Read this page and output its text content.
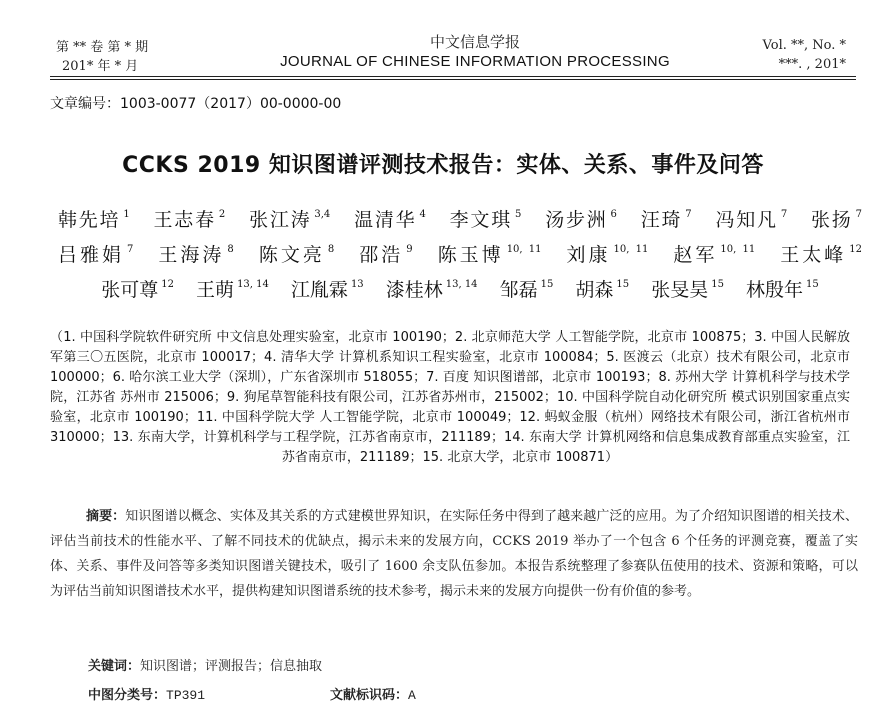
第 ** 卷 第 * 期
201* 年 * 月
中文信息学报
JOURNAL OF CHINESE INFORMATION PROCESSING
Vol. **, No. *
***. , 201*
文章编号：1003-0077（2017）00-0000-00
CCKS 2019 知识图谱评测技术报告：实体、关系、事件及问答
韩先培 $^1$ 王志春 $^2$ 张江涛 $^{3,4}$ 温清华 $^4$ 李文琪 $^5$ 汤步洲 $^6$ 汪琦 $^7$ 冯知凡 $^7$ 张扬 $^7$ 吕雅娟 $^7$ 王海涛 $^8$ 陈文亮 $^8$ 邵浩 $^9$ 陈玉博 $^{10, 11}$ 刘康 $^{10, 11}$ 赵军 $^{10, 11}$ 王太峰 $^{12}$ 张可尊 $^{12}$ 王萌 $^{13, 14}$ 江胤霖 $^{13}$ 漆桂林 $^{13, 14}$ 邹磊 $^{15}$ 胡森 $^{15}$ 张旻昊 $^{15}$ 林殷年 $^{15}$
（1. 中国科学院软件研究所 中文信息处理实验室，北京市 100190；2. 北京师范大学 人工智能学院，北京市 100875；3. 中国人民解放军第三〇五医院，北京市 100017；4. 清华大学 计算机系知识工程实验室，北京市 100084；5. 医渡云（北京）技术有限公司，北京市 100000；6. 哈尔滨工业大学（深圳），广东省深圳市 518055；7. 百度 知识图谱部，北京市 100193；8. 苏州大学 计算机科学与技术学院，江苏省 苏州市 215006；9. 狗尾草智能科技有限公司，江苏省苏州市，215002；10. 中国科学院自动化研究所 模式识别国家重点实验室，北京市 100190；11. 中国科学院大学 人工智能学院，北京市 100049；12. 蚂蚁金服（杭州）网络技术有限公司，浙江省杭州市 310000；13. 东南大学，计算机科学与工程学院，江苏省南京市，211189；14. 东南大学 计算机网络和信息集成教育部重点实验室，江苏省南京市，211189；15. 北京大学，北京市 100871）
摘要：知识图谱以概念、实体及其关系的方式建模世界知识，在实际任务中得到了越来越广泛的应用。为了介绍知识图谱的相关技术、评估当前技术的性能水平、了解不同技术的优缺点，揭示未来的发展方向，CCKS 2019 举办了一个包含 6 个任务的评测竞赛，覆盖了实体、关系、事件及问答等多类知识图谱关键技术，吸引了 1600 余支队伍参加。本报告系统整理了参赛队伍使用的技术、资源和策略，可以为评估当前知识图谱技术水平，提供构建知识图谱系统的技术参考，揭示未来的发展方向提供一份有价值的参考。
关键词：知识图谱；评测报告；信息抽取
中图分类号：TP391	文献标识码：A
